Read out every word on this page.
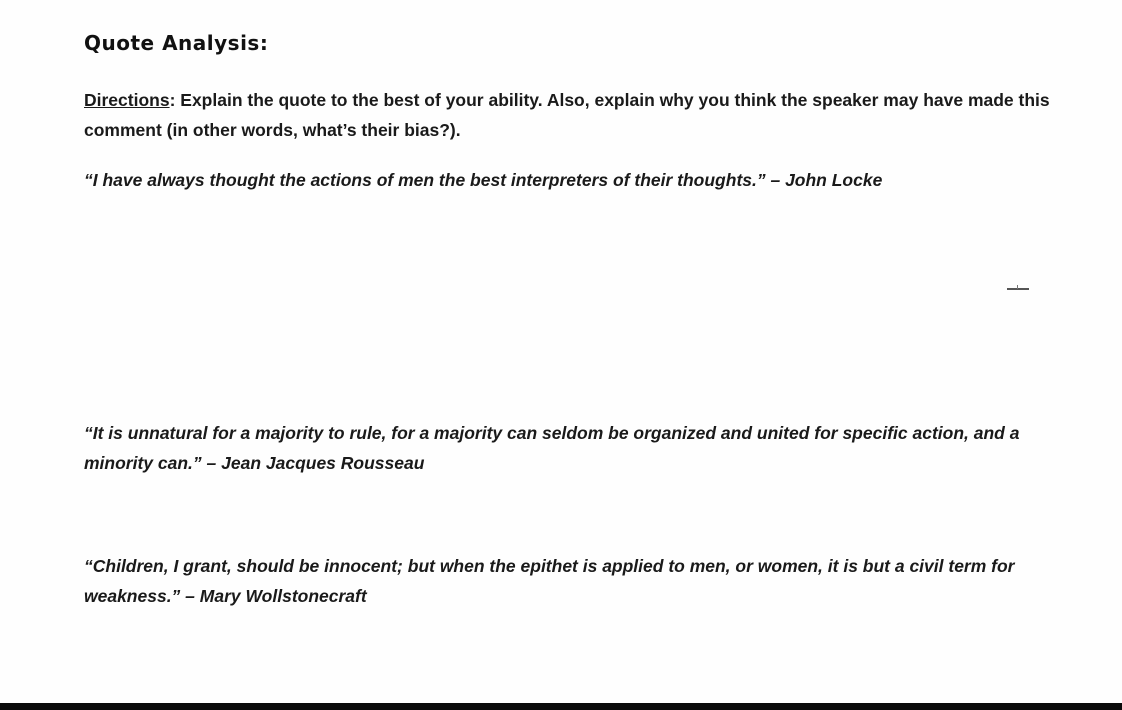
Quote Analysis:
Directions: Explain the quote to the best of your ability. Also, explain why you think the speaker may have made this comment (in other words, what’s their bias?).
“I have always thought the actions of men the best interpreters of their thoughts.” – John Locke
“It is unnatural for a majority to rule, for a majority can seldom be organized and united for specific action, and a minority can.” – Jean Jacques Rousseau
“Children, I grant, should be innocent; but when the epithet is applied to men, or women, it is but a civil term for weakness.” – Mary Wollstonecraft
